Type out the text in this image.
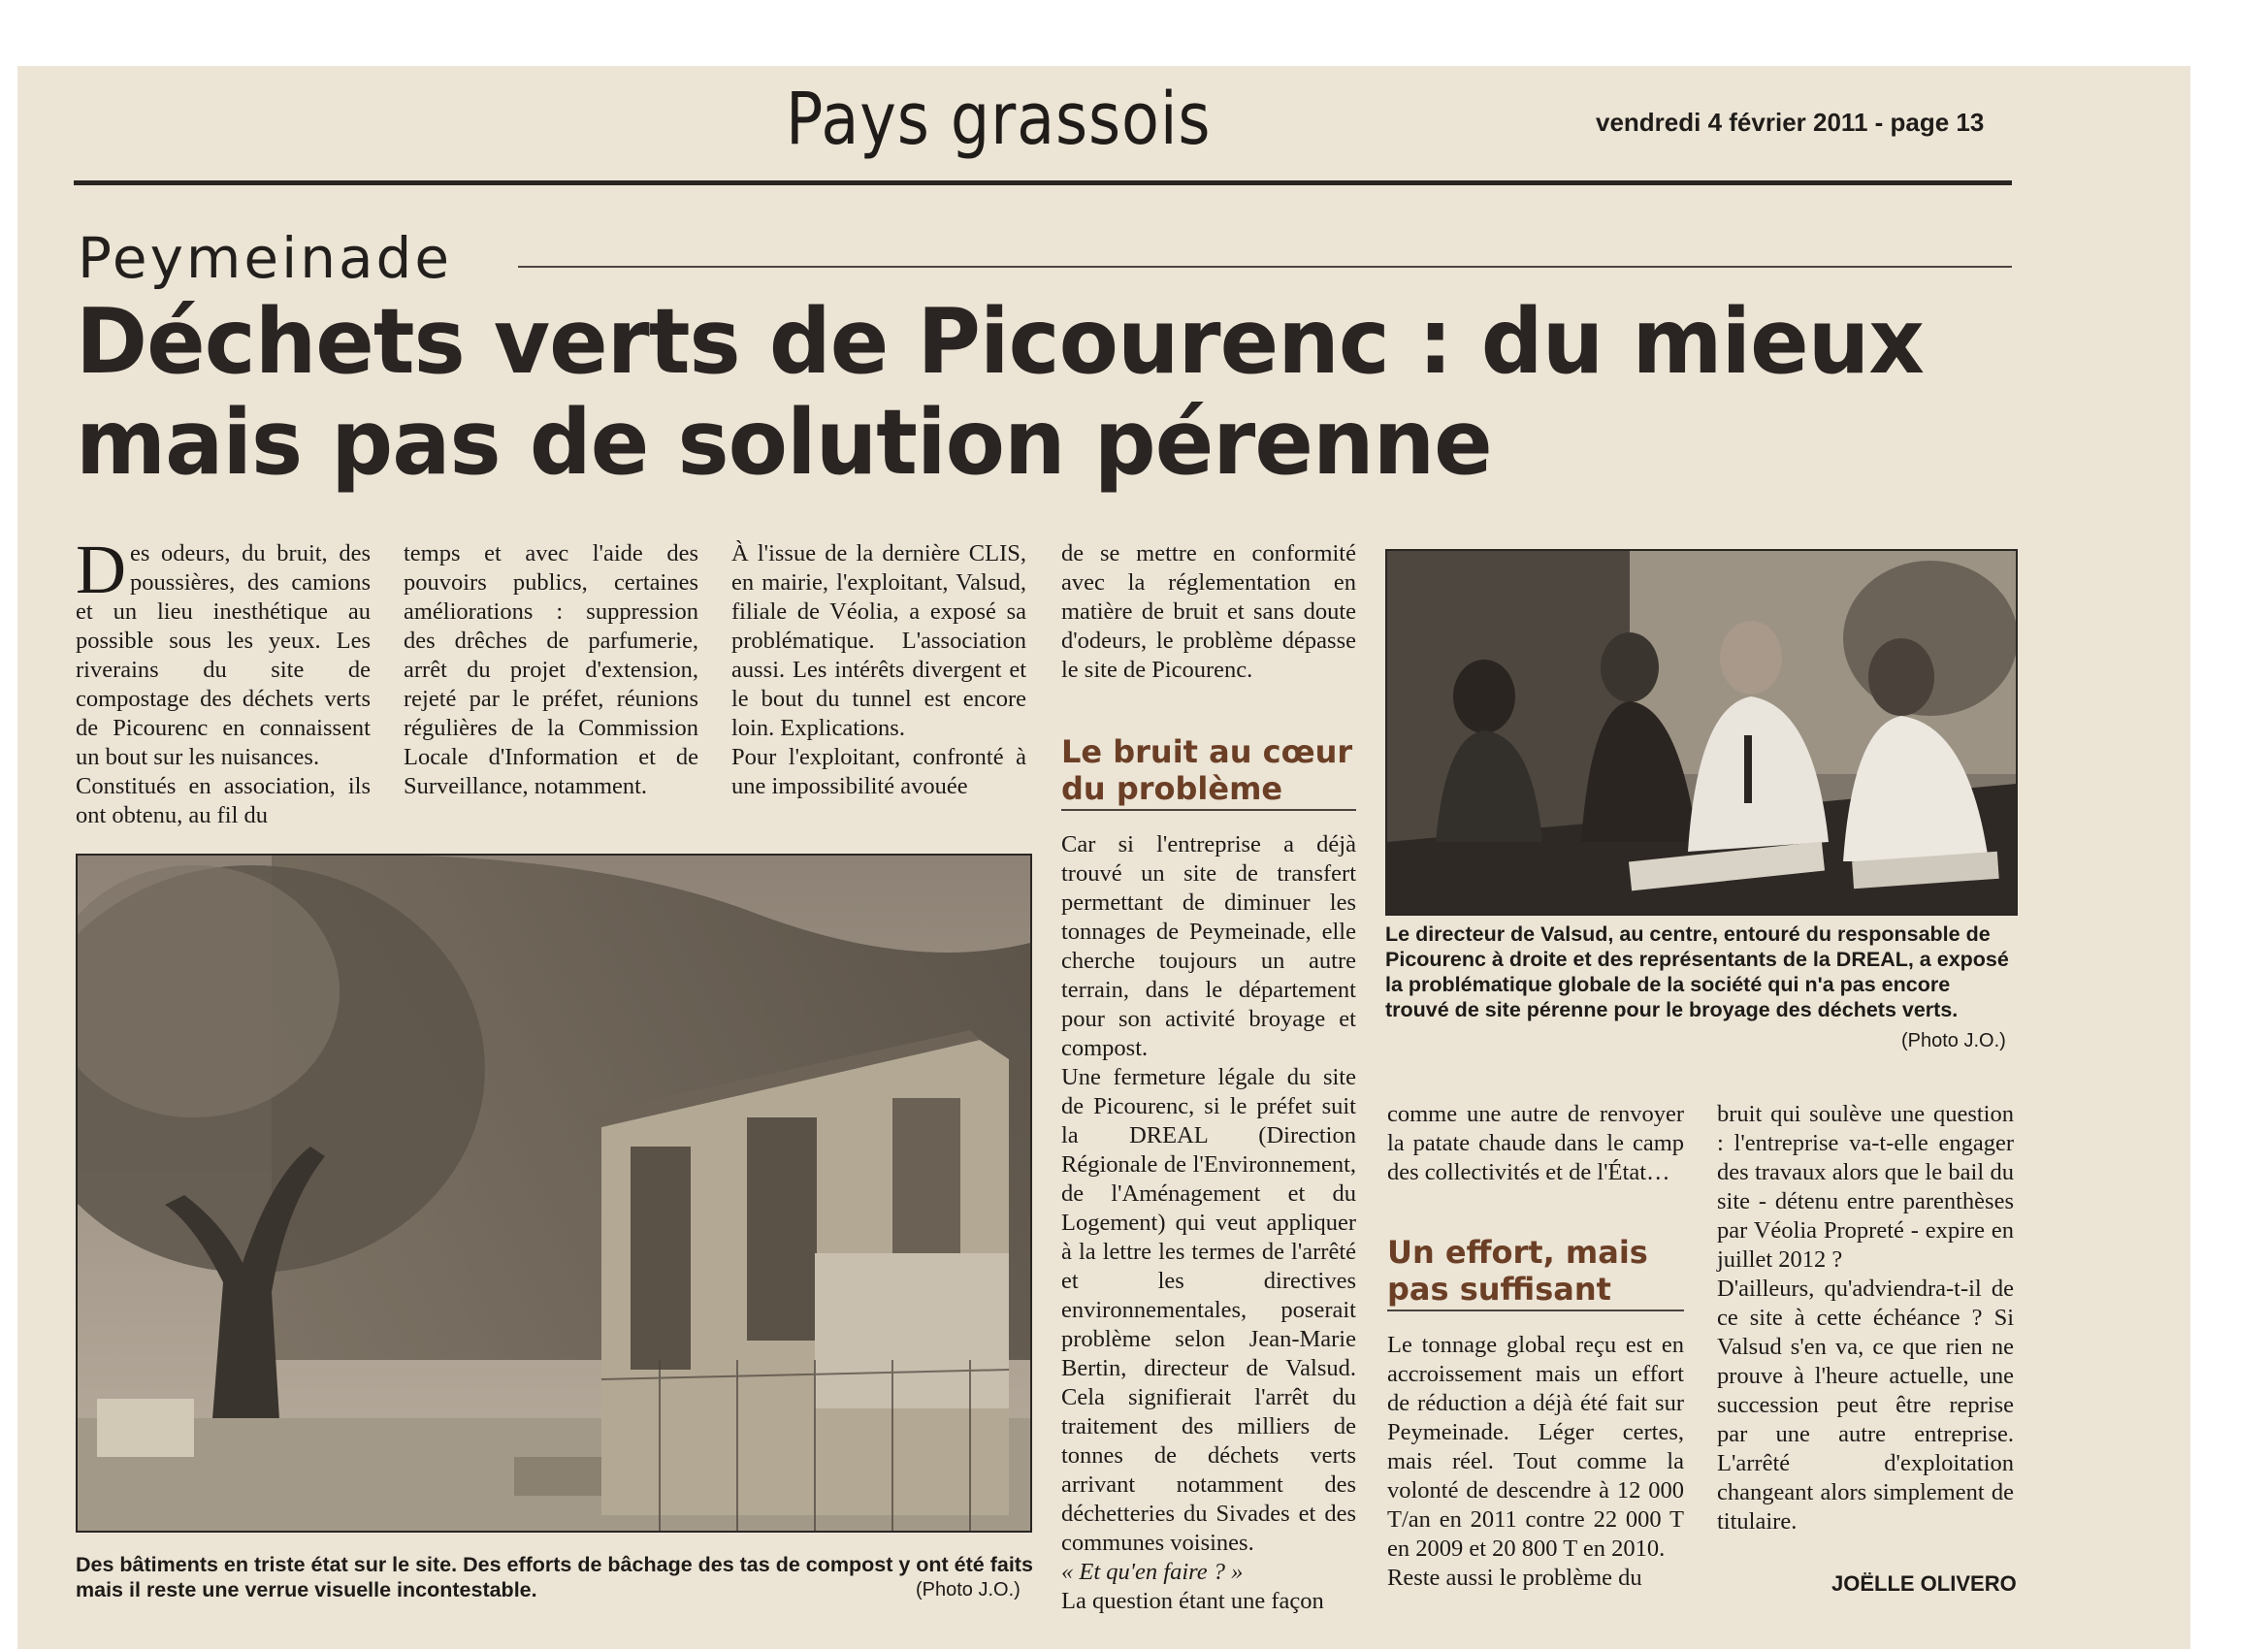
Pays grassois	vendredi 4 février 2011 - page 13
Peymeinade
Déchets verts de Picourenc : du mieux mais pas de solution pérenne

Des odeurs, du bruit, des poussières, des camions et un lieu inesthétique au possible sous les yeux. Les riverains du site de compostage des déchets verts de Picourenc en connaissent un bout sur les nuisances.

Constitués en association, ils ont obtenu, au fil du

temps et avec l'aide des pouvoirs publics, certaines améliorations : suppression des drêches de parfumerie, arrêt du projet d'extension, rejeté par le préfet, réunions régulières de la Commission Locale d'Information et de Surveillance, notamment.

À l'issue de la dernière CLIS, en mairie, l'exploitant, Valsud, filiale de Véolia, a exposé sa problématique. L'association aussi. Les intérêts divergent et le bout du tunnel est encore loin. Explications.

Pour l'exploitant, confronté à une impossibilité avouée

Des bâtiments en triste état sur le site. Des efforts de bâchage des tas de compost y ont été faits mais il reste une verrue visuelle incontestable.	(Photo J.O.)

de se mettre en conformité avec la réglementation en matière de bruit et sans doute d'odeurs, le problème dépasse le site de Picourenc.

Le bruit au cœur du problème

Car si l'entreprise a déjà trouvé un site de transfert permettant de diminuer les tonnages de Peymeinade, elle cherche toujours un autre terrain, dans le département pour son activité broyage et compost.

Une fermeture légale du site de Picourenc, si le préfet suit la DREAL (Direction Régionale de l'Environnement, de l'Aménagement et du Logement) qui veut appliquer à la lettre les termes de l'arrêté et les directives environnementales, poserait problème selon Jean-Marie Bertin, directeur de Valsud. Cela signifierait l'arrêt du traitement des milliers de tonnes de déchets verts arrivant notamment des déchetteries du Sivades et des communes voisines.

« Et qu'en faire ? »

La question étant une façon

Le directeur de Valsud, au centre, entouré du responsable de Picourenc à droite et des représentants de la DREAL, a exposé la problématique globale de la société qui n'a pas encore trouvé de site pérenne pour le broyage des déchets verts.
(Photo J.O.)

comme une autre de renvoyer la patate chaude dans le camp des collectivités et de l'État…

Un effort, mais pas suffisant

Le tonnage global reçu est en accroissement mais un effort de réduction a déjà été fait sur Peymeinade. Léger certes, mais réel. Tout comme la volonté de descendre à 12 000 T/an en 2011 contre 22 000 T en 2009 et 20 800 T en 2010.

Reste aussi le problème du

bruit qui soulève une question : l'entreprise va-t-elle engager des travaux alors que le bail du site - détenu entre parenthèses par Véolia Propreté - expire en juillet 2012 ?

D'ailleurs, qu'adviendra-t-il de ce site à cette échéance ? Si Valsud s'en va, ce que rien ne prouve à l'heure actuelle, une succession peut être reprise par une autre entreprise. L'arrêté d'exploitation changeant alors simplement de titulaire.

JOËLLE OLIVERO
